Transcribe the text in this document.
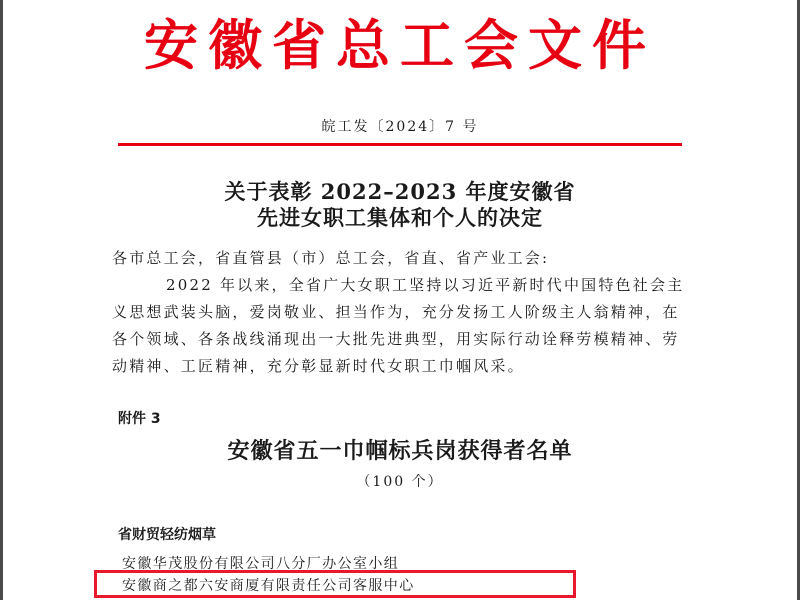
安徽省总工会文件
皖工发〔2024〕7 号
关于表彰 2022–2023 年度安徽省
先进女职工集体和个人的决定
各市总工会，省直管县（市）总工会，省直、省产业工会:
2022 年以来，全省广大女职工坚持以习近平新时代中国特色社会主义思想武装头脑，爱岗敬业、担当作为，充分发扬工人阶级主人翁精神，在各个领域、各条战线涌现出一大批先进典型，用实际行动诠释劳模精神、劳动精神、工匠精神，充分彰显新时代女职工巾帼风采。
附件 3
安徽省五一巾帼标兵岗获得者名单
（100 个）
省财贸轻纺烟草
安徽华茂股份有限公司八分厂办公室小组
安徽商之都六安商厦有限责任公司客服中心
